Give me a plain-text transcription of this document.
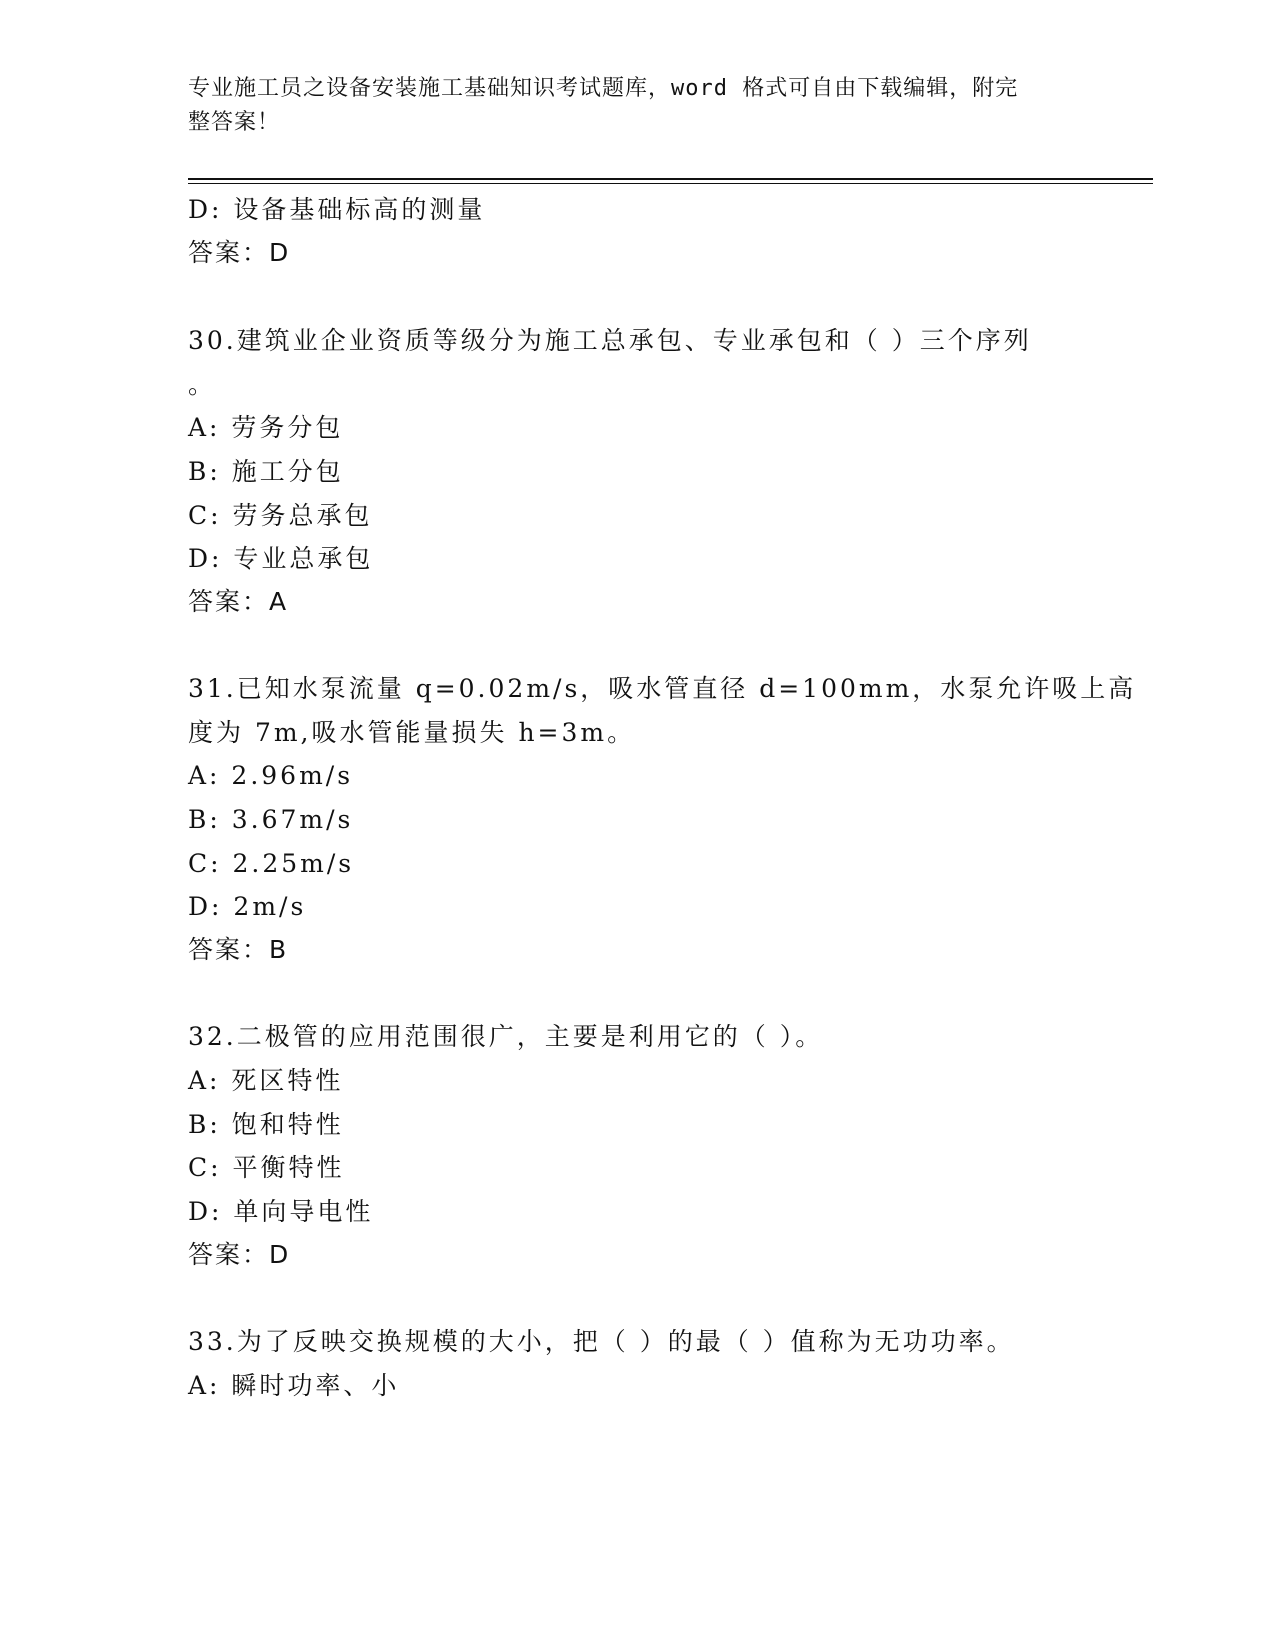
专业施工员之设备安装施工基础知识考试题库，word 格式可自由下载编辑，附完
整答案！
D: 设备基础标高的测量
答案：D
30.建筑业企业资质等级分为施工总承包、专业承包和（ ）三个序列
。
A: 劳务分包
B: 施工分包
C: 劳务总承包
D: 专业总承包
答案：A
31.已知水泵流量 q=0.02m/s，吸水管直径 d=100mm，水泵允许吸上高
度为 7m,吸水管能量损失 h=3m。
A: 2.96m/s
B: 3.67m/s
C: 2.25m/s
D: 2m/s
答案：B
32.二极管的应用范围很广，主要是利用它的（ ）。
A: 死区特性
B: 饱和特性
C: 平衡特性
D: 单向导电性
答案：D
33.为了反映交换规模的大小，把（ ）的最（ ）值称为无功功率。
A: 瞬时功率、小
